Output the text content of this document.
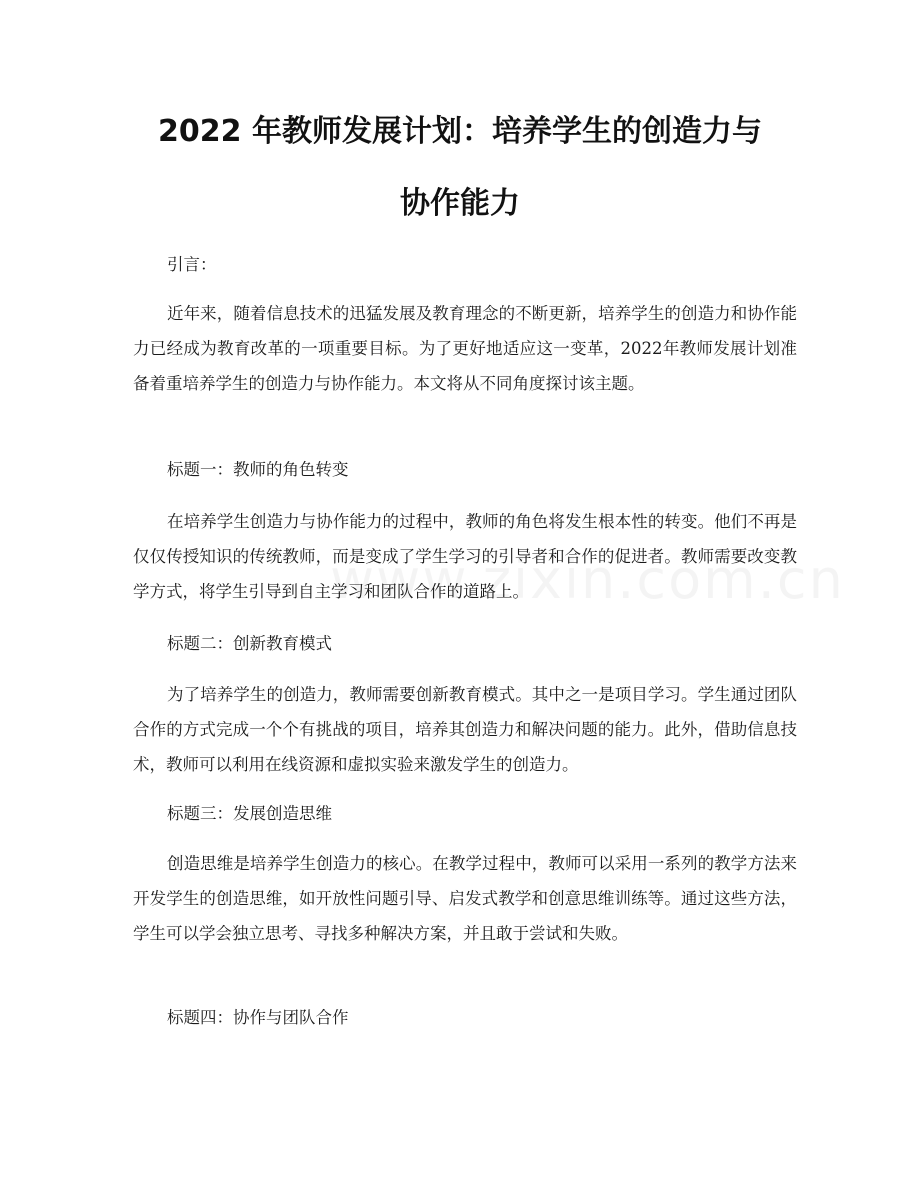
2022 年教师发展计划：培养学生的创造力与
协作能力

引言：

近年来，随着信息技术的迅猛发展及教育理念的不断更新，培养学生的创造力和协作能力已经成为教育改革的一项重要目标。为了更好地适应这一变革，2022年教师发展计划准备着重培养学生的创造力与协作能力。本文将从不同角度探讨该主题。

标题一：教师的角色转变

在培养学生创造力与协作能力的过程中，教师的角色将发生根本性的转变。他们不再是仅仅传授知识的传统教师，而是变成了学生学习的引导者和合作的促进者。教师需要改变教学方式，将学生引导到自主学习和团队合作的道路上。

标题二：创新教育模式

为了培养学生的创造力，教师需要创新教育模式。其中之一是项目学习。学生通过团队合作的方式完成一个个有挑战的项目，培养其创造力和解决问题的能力。此外，借助信息技术，教师可以利用在线资源和虚拟实验来激发学生的创造力。

标题三：发展创造思维

创造思维是培养学生创造力的核心。在教学过程中，教师可以采用一系列的教学方法来开发学生的创造思维，如开放性问题引导、启发式教学和创意思维训练等。通过这些方法，学生可以学会独立思考、寻找多种解决方案，并且敢于尝试和失败。

标题四：协作与团队合作
